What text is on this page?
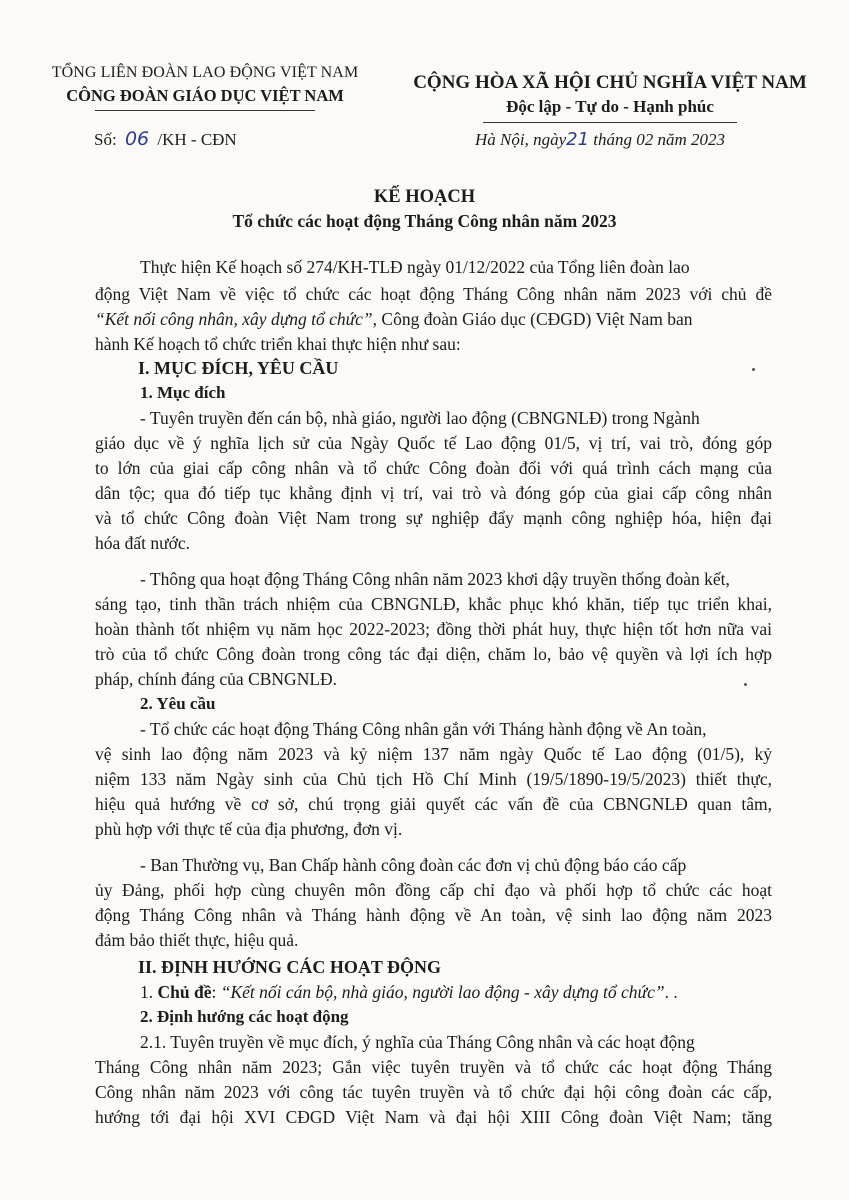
TỔNG LIÊN ĐOÀN LAO ĐỘNG VIỆT NAM
CÔNG ĐOÀN GIÁO DỤC VIỆT NAM
CỘNG HÒA XÃ HỘI CHỦ NGHĨA VIỆT NAM
Độc lập - Tự do - Hạnh phúc
Số: 06 /KH - CĐN	Hà Nội, ngày21 tháng 02 năm 2023
KẾ HOẠCH
Tổ chức các hoạt động Tháng Công nhân năm 2023
Thực hiện Kế hoạch số 274/KH-TLĐ ngày 01/12/2022 của Tổng liên đoàn lao
động Việt Nam về việc tổ chức các hoạt động Tháng Công nhân năm 2023 với chủ đề
“Kết nối công nhân, xây dựng tổ chức”, Công đoàn Giáo dục (CĐGD) Việt Nam ban
hành Kế hoạch tổ chức triển khai thực hiện như sau:
I. MỤC ĐÍCH, YÊU CẦU
1. Mục đích
- Tuyên truyền đến cán bộ, nhà giáo, người lao động (CBNGNLĐ) trong Ngành
giáo dục về ý nghĩa lịch sử của Ngày Quốc tế Lao động 01/5, vị trí, vai trò, đóng góp
to lớn của giai cấp công nhân và tổ chức Công đoàn đối với quá trình cách mạng của
dân tộc; qua đó tiếp tục khẳng định vị trí, vai trò và đóng góp của giai cấp công nhân
và tổ chức Công đoàn Việt Nam trong sự nghiệp đẩy mạnh công nghiệp hóa, hiện đại
hóa đất nước.
- Thông qua hoạt động Tháng Công nhân năm 2023 khơi dậy truyền thống đoàn kết,
sáng tạo, tinh thần trách nhiệm của CBNGNLĐ, khắc phục khó khăn, tiếp tục triển khai,
hoàn thành tốt nhiệm vụ năm học 2022-2023; đồng thời phát huy, thực hiện tốt hơn nữa vai
trò của tổ chức Công đoàn trong công tác đại diện, chăm lo, bảo vệ quyền và lợi ích hợp
pháp, chính đáng của CBNGNLĐ.
2. Yêu cầu
- Tổ chức các hoạt động Tháng Công nhân gắn với Tháng hành động về An toàn,
vệ sinh lao động năm 2023 và kỷ niệm 137 năm ngày Quốc tế Lao động (01/5), kỷ
niệm 133 năm Ngày sinh của Chủ tịch Hồ Chí Minh (19/5/1890-19/5/2023) thiết thực,
hiệu quả hướng về cơ sở, chú trọng giải quyết các vấn đề của CBNGNLĐ quan tâm,
phù hợp với thực tế của địa phương, đơn vị.
- Ban Thường vụ, Ban Chấp hành công đoàn các đơn vị chủ động báo cáo cấp
ủy Đảng, phối hợp cùng chuyên môn đồng cấp chỉ đạo và phối hợp tổ chức các hoạt
động Tháng Công nhân và Tháng hành động về An toàn, vệ sinh lao động năm 2023
đảm bảo thiết thực, hiệu quả.
II. ĐỊNH HƯỚNG CÁC HOẠT ĐỘNG
1. Chủ đề: “Kết nối cán bộ, nhà giáo, người lao động - xây dựng tổ chức”. .
2. Định hướng các hoạt động
2.1. Tuyên truyền về mục đích, ý nghĩa của Tháng Công nhân và các hoạt động
Tháng Công nhân năm 2023; Gắn việc tuyên truyền và tổ chức các hoạt động Tháng
Công nhân năm 2023 với công tác tuyên truyền và tổ chức đại hội công đoàn các cấp,
hướng tới đại hội XVI CĐGD Việt Nam và đại hội XIII Công đoàn Việt Nam; tăng
